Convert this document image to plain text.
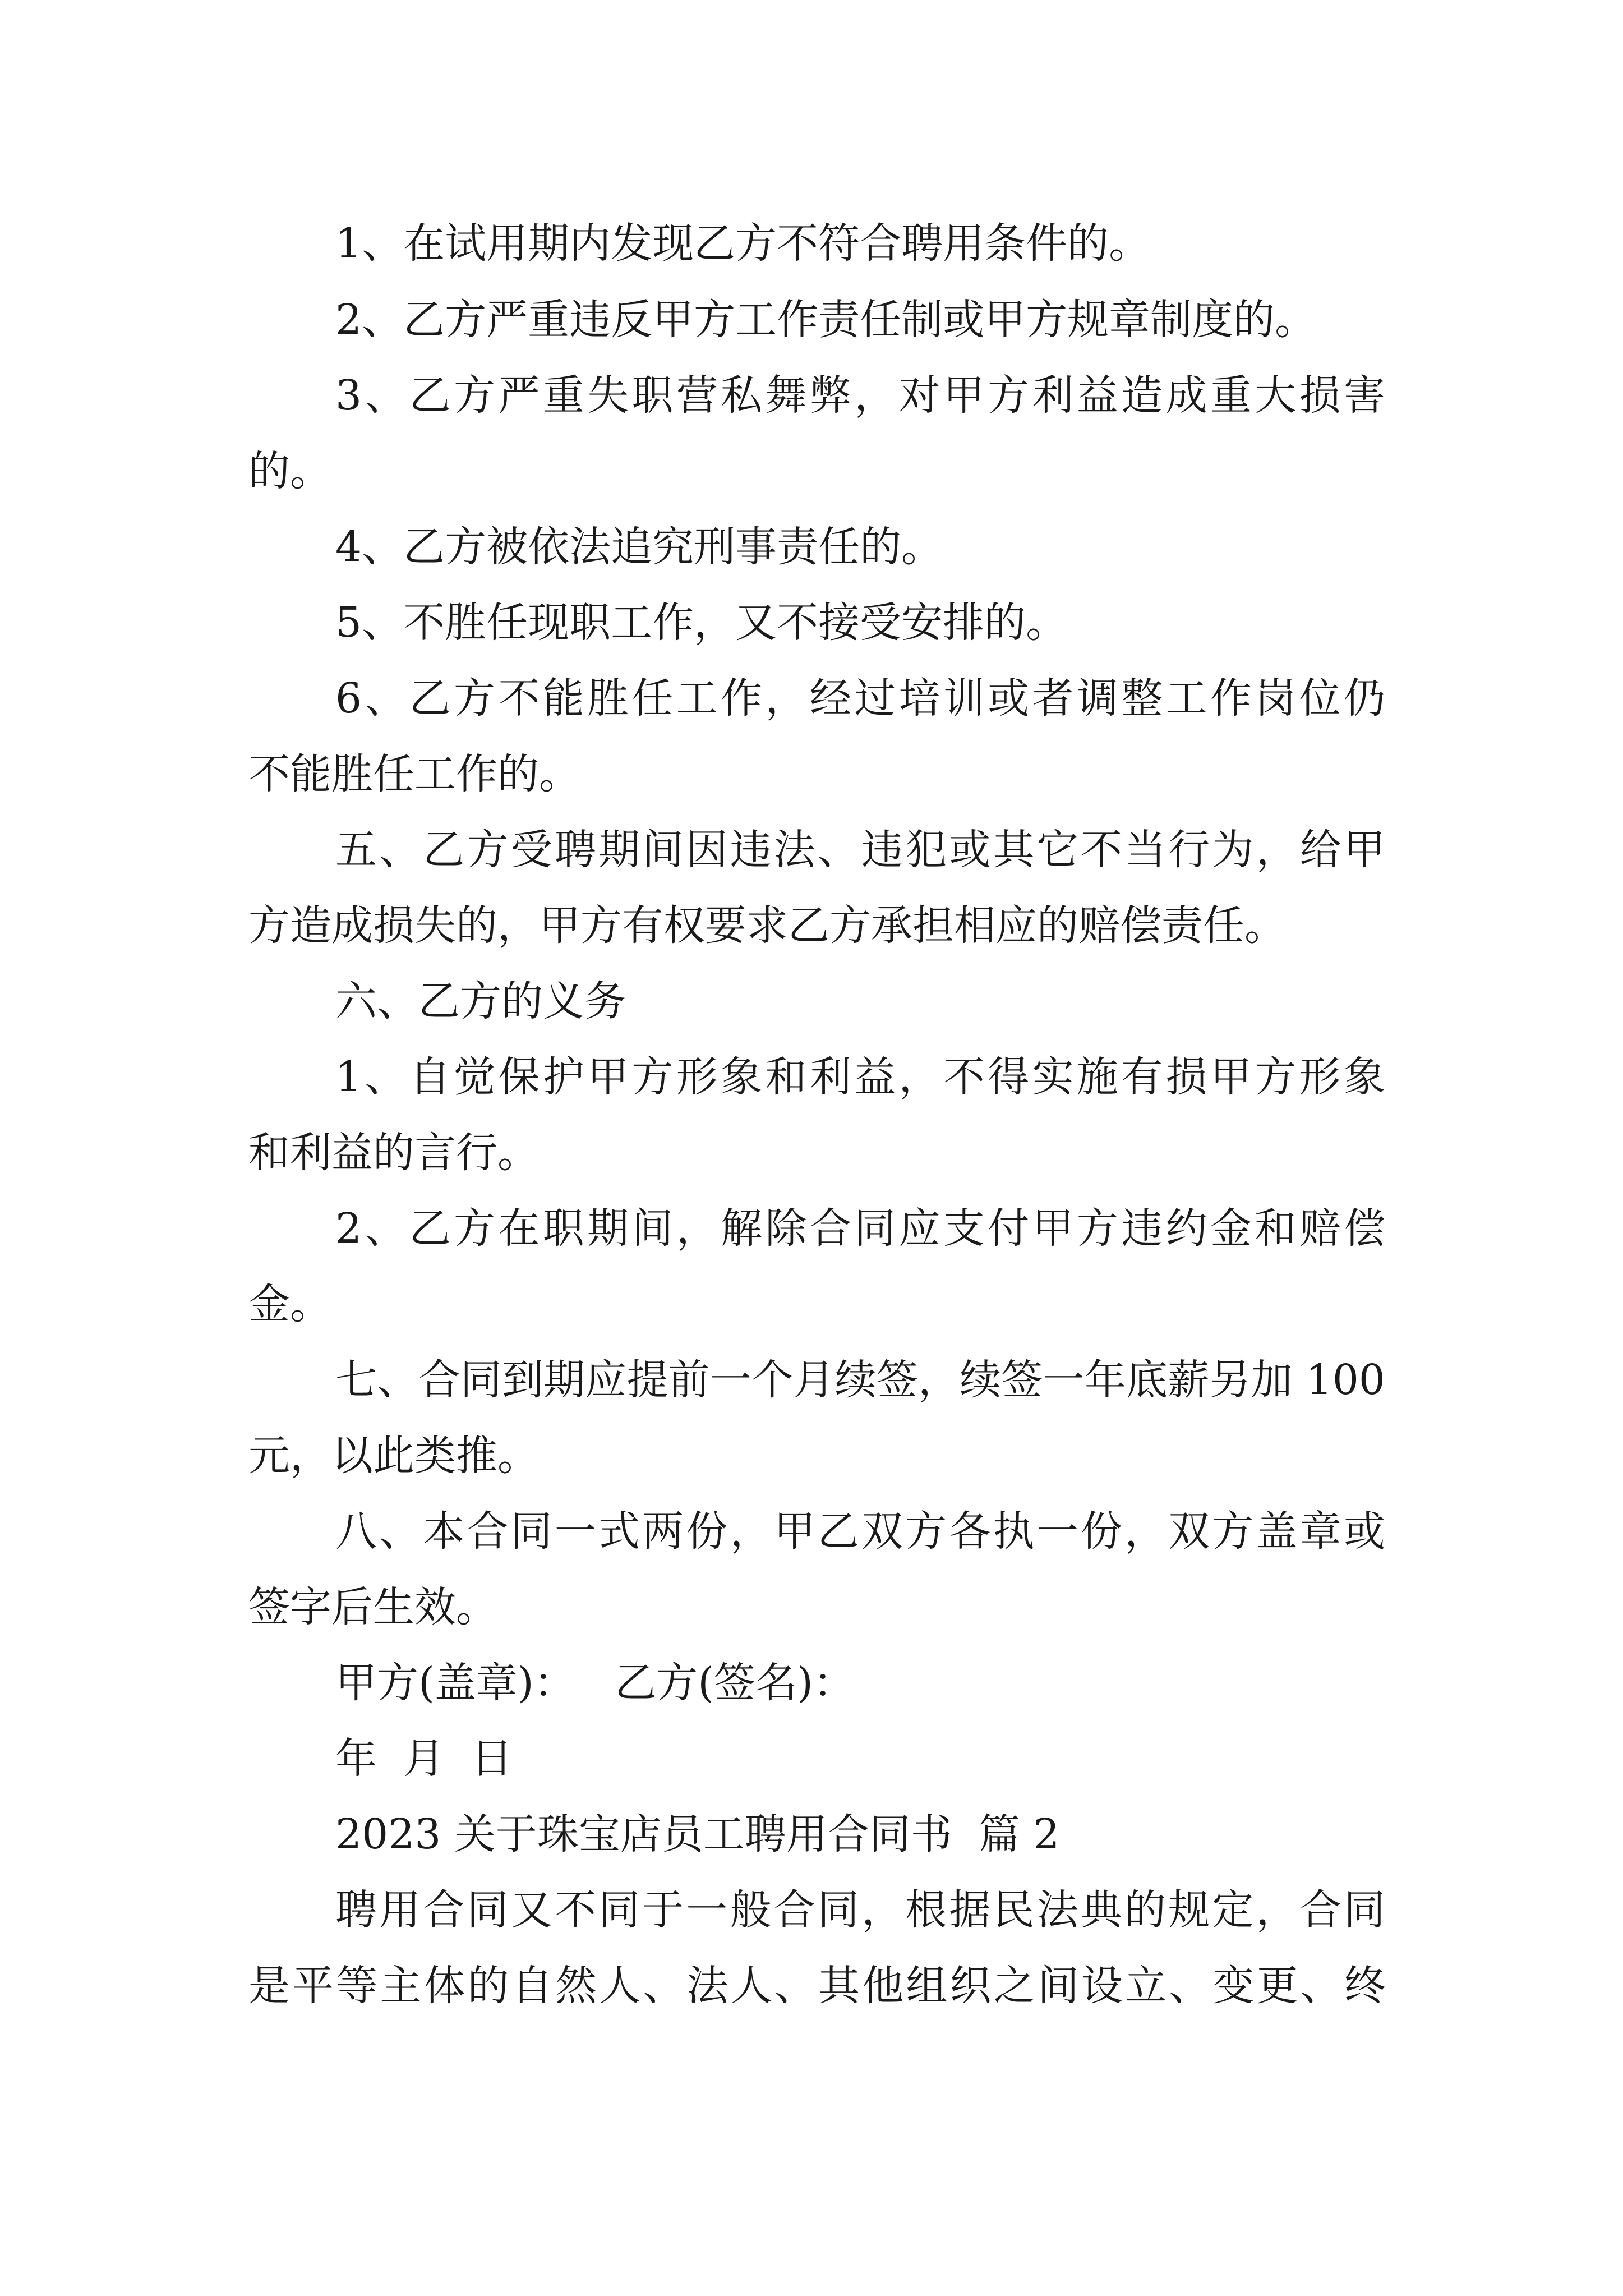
1、在试用期内发现乙方不符合聘用条件的。
2、乙方严重违反甲方工作责任制或甲方规章制度的。
3、乙方严重失职营私舞弊，对甲方利益造成重大损害
的。
4、乙方被依法追究刑事责任的。
5、不胜任现职工作，又不接受安排的。
6、乙方不能胜任工作，经过培训或者调整工作岗位仍
不能胜任工作的。
五、乙方受聘期间因违法、违犯或其它不当行为，给甲
方造成损失的，甲方有权要求乙方承担相应的赔偿责任。
六、乙方的义务
1、自觉保护甲方形象和利益，不得实施有损甲方形象
和利益的言行。
2、乙方在职期间，解除合同应支付甲方违约金和赔偿
金。
七、合同到期应提前一个月续签，续签一年底薪另加 100
元，以此类推。
八、本合同一式两份，甲乙双方各执一份，双方盖章或
签字后生效。
甲方(盖章)：   乙方(签名)：
年  月  日
2023 关于珠宝店员工聘用合同书  篇 2
聘用合同又不同于一般合同，根据民法典的规定，合同
是平等主体的自然人、法人、其他组织之间设立、变更、终
